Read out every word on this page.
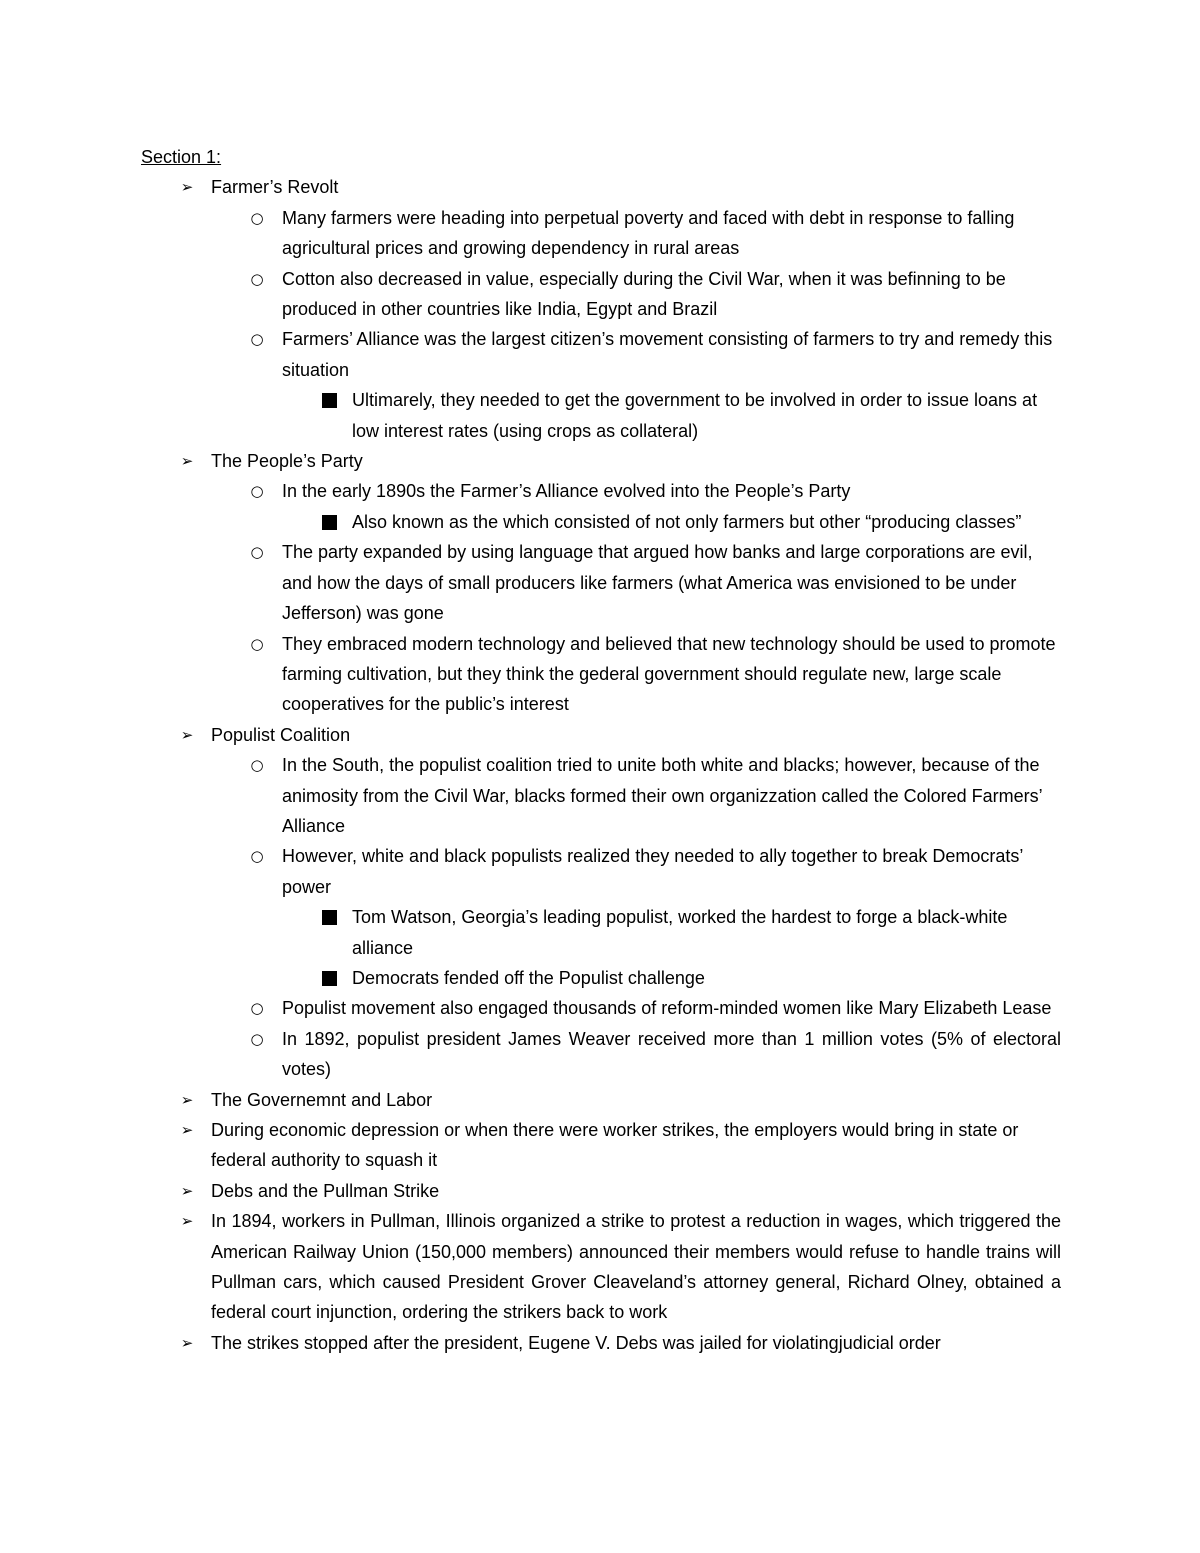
Section 1:
➢ Farmer’s Revolt
○ Many farmers were heading into perpetual poverty and faced with debt in response to falling agricultural prices and growing dependency in rural areas
○ Cotton also decreased in value, especially during the Civil War, when it was befinning to be produced in other countries like India, Egypt and Brazil
○ Farmers’ Alliance was the largest citizen’s movement consisting of farmers to try and remedy this situation
Ultimarely, they needed to get the government to be involved in order to issue loans at low interest rates (using crops as collateral)
➢ The People’s Party
○ In the early 1890s the Farmer’s Alliance evolved into the People’s Party
Also known as the which consisted of not only farmers but other “producing classes”
○ The party expanded by using language that argued how banks and large corporations are evil, and how the days of small producers like farmers (what America was envisioned to be under Jefferson) was gone
○ They embraced modern technology and believed that new technology should be used to promote farming cultivation, but they think the gederal government should regulate new, large scale cooperatives for the public’s interest
➢ Populist Coalition
○ In the South, the populist coalition tried to unite both white and blacks; however, because of the animosity from the Civil War, blacks formed their own organizzation called the Colored Farmers’ Alliance
○ However, white and black populists realized they needed to ally together to break Democrats’ power
Tom Watson, Georgia’s leading populist, worked the hardest to forge a black-white alliance
Democrats fended off the Populist challenge
○ Populist movement also engaged thousands of reform-minded women like Mary Elizabeth Lease
○ In 1892, populist president James Weaver received more than 1 million votes (5% of electoral votes)
➢ The Governemnt and Labor
➢ During economic depression or when there were worker strikes, the employers would bring in state or federal authority to squash it
➢ Debs and the Pullman Strike
➢ In 1894, workers in Pullman, Illinois organized a strike to protest a reduction in wages, which triggered the American Railway Union (150,000 members) announced their members would refuse to handle trains will Pullman cars, which caused President Grover Cleaveland’s attorney general, Richard Olney, obtained a federal court injunction, ordering the strikers back to work
➢ The strikes stopped after the president, Eugene V. Debs was jailed for violatingjudicial order
